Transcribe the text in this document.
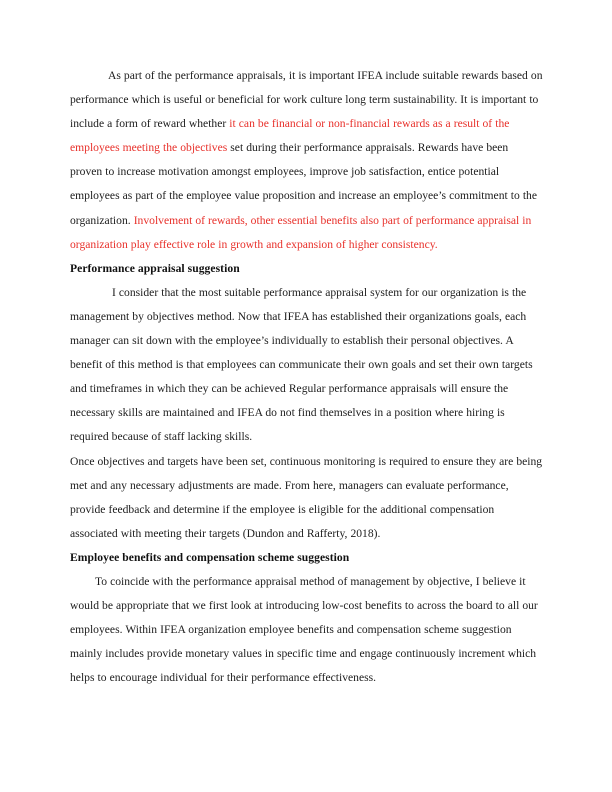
As part of the performance appraisals, it is important IFEA include suitable rewards based on performance which is useful or beneficial for work culture long term sustainability. It is important to include a form of reward whether it can be financial or non-financial rewards as a result of the employees meeting the objectives set during their performance appraisals. Rewards have been proven to increase motivation amongst employees, improve job satisfaction, entice potential employees as part of the employee value proposition and increase an employee’s commitment to the organization. Involvement of rewards, other essential benefits also part of performance appraisal in organization play effective role in growth and expansion of higher consistency.

Performance appraisal suggestion

I consider that the most suitable performance appraisal system for our organization is the management by objectives method. Now that IFEA has established their organizations goals, each manager can sit down with the employee’s individually to establish their personal objectives. A benefit of this method is that employees can communicate their own goals and set their own targets and timeframes in which they can be achieved Regular performance appraisals will ensure the necessary skills are maintained and IFEA do not find themselves in a position where hiring is required because of staff lacking skills.

Once objectives and targets have been set, continuous monitoring is required to ensure they are being met and any necessary adjustments are made. From here, managers can evaluate performance, provide feedback and determine if the employee is eligible for the additional compensation associated with meeting their targets (Dundon and Rafferty, 2018).

Employee benefits and compensation scheme suggestion

To coincide with the performance appraisal method of management by objective, I believe it would be appropriate that we first look at introducing low-cost benefits to across the board to all our employees. Within IFEA organization employee benefits and compensation scheme suggestion mainly includes provide monetary values in specific time and engage continuously increment which helps to encourage individual for their performance effectiveness.
